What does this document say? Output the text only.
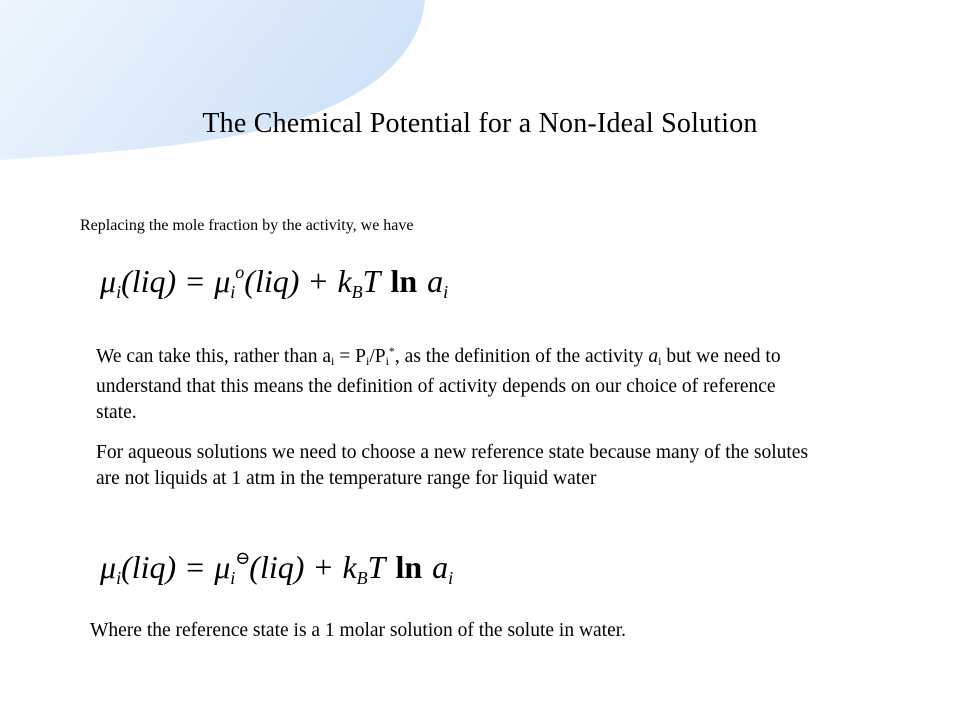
The Chemical Potential for a Non-Ideal Solution
Replacing the mole fraction by the activity, we have
$\mu_i(liq) = \mu_i^o(liq) + k_BT$ $\ln a_i$
We can take this, rather than $a_i = P_i/P_i^*$, as the definition of the activity $a_i$ but we need to understand that this means the definition of activity depends on our choice of reference state.
For aqueous solutions we need to choose a new reference state because many of the solutes are not liquids at 1 atm in the temperature range for liquid water
$\mu_i(liq)$ = $\mu_i⊖(liq) + k_BT$ $\ln a_i$
Where the reference state is a 1 molar solution of the solute in water.
